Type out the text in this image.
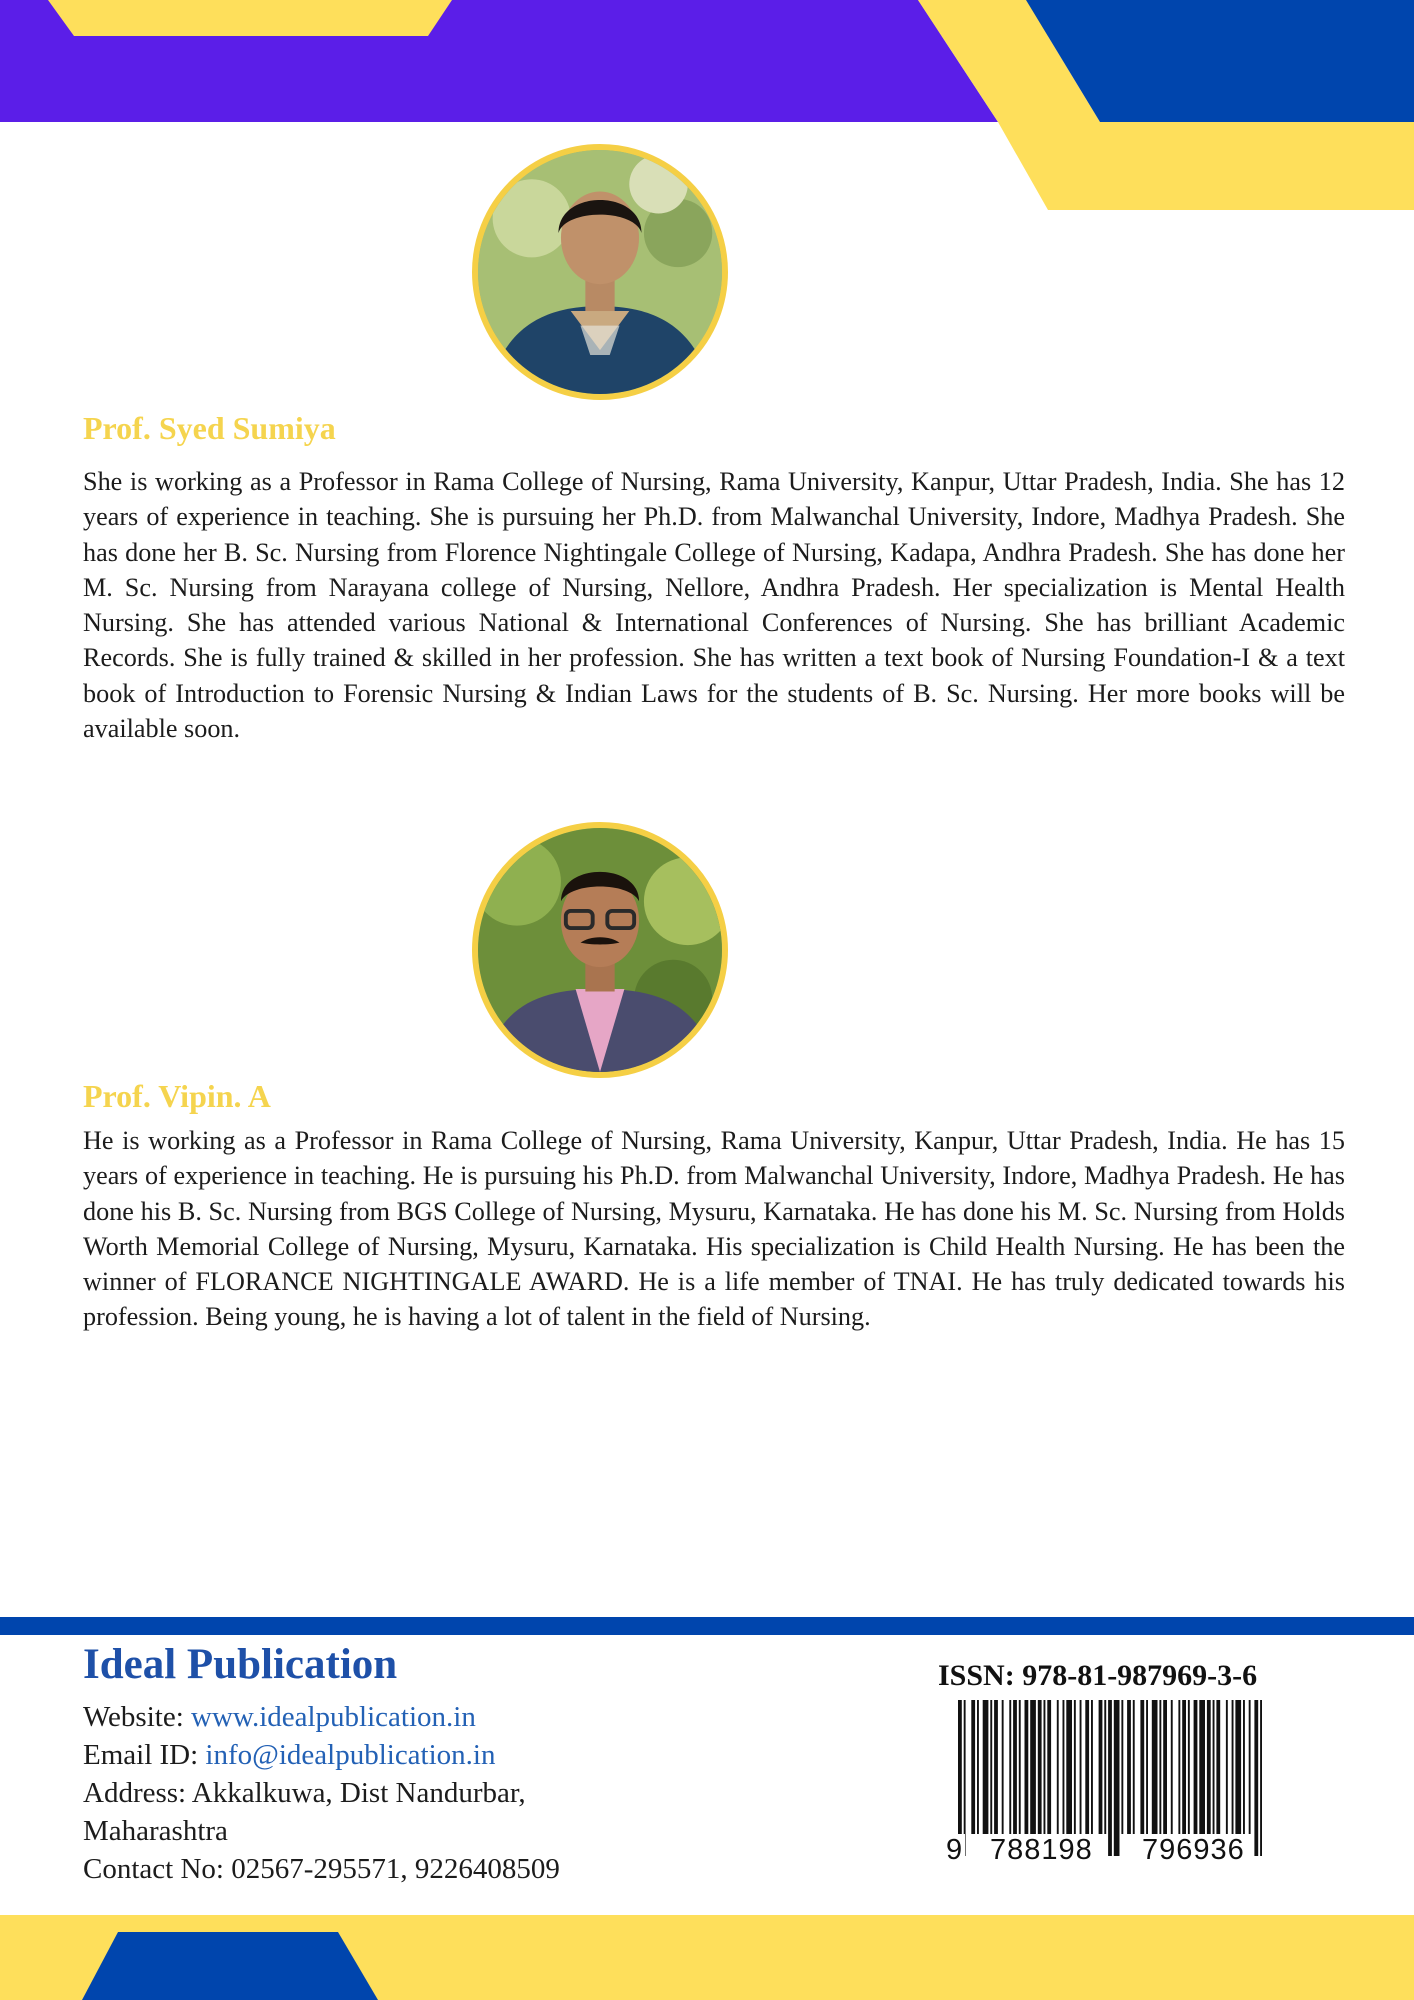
Prof. Syed Sumiya

She is working as a Professor in Rama College of Nursing, Rama University, Kanpur, Uttar Pradesh, India. She has 12 years of experience in teaching. She is pursuing her Ph.D. from Malwanchal University, Indore, Madhya Pradesh. She has done her B. Sc. Nursing from Florence Nightingale College of Nursing, Kadapa, Andhra Pradesh. She has done her M. Sc. Nursing from Narayana college of Nursing, Nellore, Andhra Pradesh. Her specialization is Mental Health Nursing. She has attended various National & International Conferences of Nursing. She has brilliant Academic Records. She is fully trained & skilled in her profession. She has written a text book of Nursing Foundation-I & a text book of Introduction to Forensic Nursing & Indian Laws for the students of B. Sc. Nursing. Her more books will be available soon.

Prof. Vipin. A

He is working as a Professor in Rama College of Nursing, Rama University, Kanpur, Uttar Pradesh, India. He has 15 years of experience in teaching. He is pursuing his Ph.D. from Malwanchal University, Indore, Madhya Pradesh. He has done his B. Sc. Nursing from BGS College of Nursing, Mysuru, Karnataka. He has done his M. Sc. Nursing from Holds Worth Memorial College of Nursing, Mysuru, Karnataka. His specialization is Child Health Nursing. He has been the winner of FLORANCE NIGHTINGALE AWARD. He is a life member of TNAI. He has truly dedicated towards his profession. Being young, he is having a lot of talent in the field of Nursing.

Ideal Publication
Website: www.idealpublication.in
Email ID: info@idealpublication.in
Address: Akkalkuwa, Dist Nandurbar,
Maharashtra
Contact No: 02567-295571, 9226408509
ISSN: 978-81-987969-3-6
9 788198 796936
